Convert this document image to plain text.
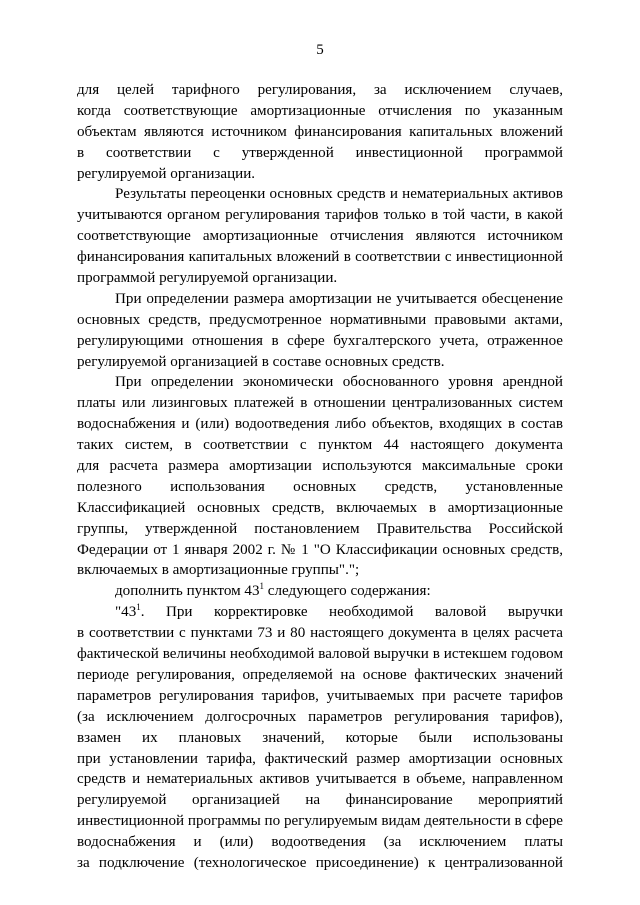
5
для целей тарифного регулирования, за исключением случаев,
когда соответствующие амортизационные отчисления по указанным
объектам являются источником финансирования капитальных вложений
в соответствии с утвержденной инвестиционной программой
регулируемой организации.
Результаты переоценки основных средств и нематериальных активов
учитываются органом регулирования тарифов только в той части, в какой
соответствующие амортизационные отчисления являются источником
финансирования капитальных вложений в соответствии с инвестиционной
программой регулируемой организации.
При определении размера амортизации не учитывается обесценение
основных средств, предусмотренное нормативными правовыми актами,
регулирующими отношения в сфере бухгалтерского учета, отраженное
регулируемой организацией в составе основных средств.
При определении экономически обоснованного уровня арендной
платы или лизинговых платежей в отношении централизованных систем
водоснабжения и (или) водоотведения либо объектов, входящих в состав
таких систем, в соответствии с пунктом 44 настоящего документа
для расчета размера амортизации используются максимальные сроки
полезного использования основных средств, установленные
Классификацией основных средств, включаемых в амортизационные
группы, утвержденной постановлением Правительства Российской
Федерации от 1 января 2002 г. № 1 "О Классификации основных средств,
включаемых в амортизационные группы".";
дополнить пунктом $43^1$ следующего содержания:
"$43^1$. При корректировке необходимой валовой выручки
в соответствии с пунктами 73 и 80 настоящего документа в целях расчета
фактической величины необходимой валовой выручки в истекшем годовом
периоде регулирования, определяемой на основе фактических значений
параметров регулирования тарифов, учитываемых при расчете тарифов
(за исключением долгосрочных параметров регулирования тарифов),
взамен их плановых значений, которые были использованы
при установлении тарифа, фактический размер амортизации основных
средств и нематериальных активов учитывается в объеме, направленном
регулируемой организацией на финансирование мероприятий
инвестиционной программы по регулируемым видам деятельности в сфере
водоснабжения и (или) водоотведения (за исключением платы
за подключение (технологическое присоединение) к централизованной
